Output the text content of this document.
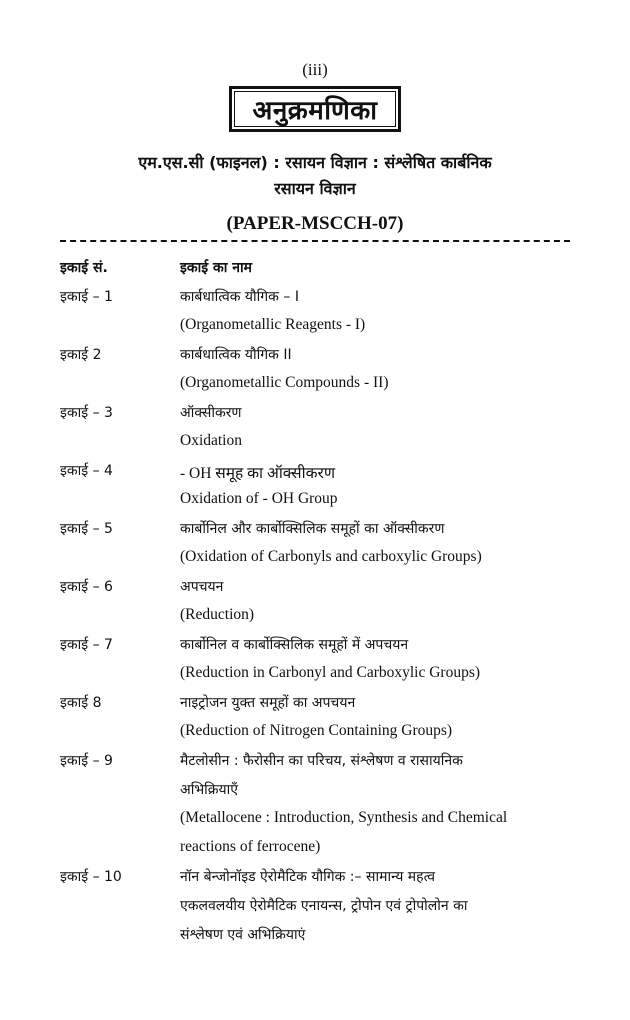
(iii)
अनुक्रमणिका
एम.एस.सी (फाइनल) : रसायन विज्ञान : संश्लेषित कार्बनिक
रसायन विज्ञान
(PAPER-MSCCH-07)
इकाई सं.	इकाई का नाम
इकाई – 1	कार्बधात्विक यौगिक – I
(Organometallic Reagents - I)
इकाई 2	कार्बधात्विक यौगिक II
(Organometallic Compounds - II)
इकाई – 3	ऑक्सीकरण
Oxidation
इकाई – 4	- OH समूह का ऑक्सीकरण
Oxidation of - OH Group
इकाई – 5	कार्बोनिल और कार्बोक्सिलिक समूहों का ऑक्सीकरण
(Oxidation of Carbonyls and carboxylic Groups)
इकाई – 6	अपचयन
(Reduction)
इकाई – 7	कार्बोनिल व कार्बोक्सिलिक समूहों में अपचयन
(Reduction in Carbonyl and Carboxylic Groups)
इकाई 8	नाइट्रोजन युक्त समूहों का अपचयन
(Reduction of Nitrogen Containing Groups)
इकाई – 9	मैटलोसीन : फैरोसीन का परिचय, संश्लेषण व रासायनिक
अभिक्रियाएँ
(Metallocene : Introduction, Synthesis and Chemical
reactions of ferrocene)
इकाई – 10	नॉन बेन्जोनॉइड ऐरोमैटिक यौगिक :– सामान्य महत्व
एकलवलयीय ऐरोमैटिक एनायन्स, ट्रोपोन एवं ट्रोपोलोन का
संश्लेषण एवं अभिक्रियाएं
